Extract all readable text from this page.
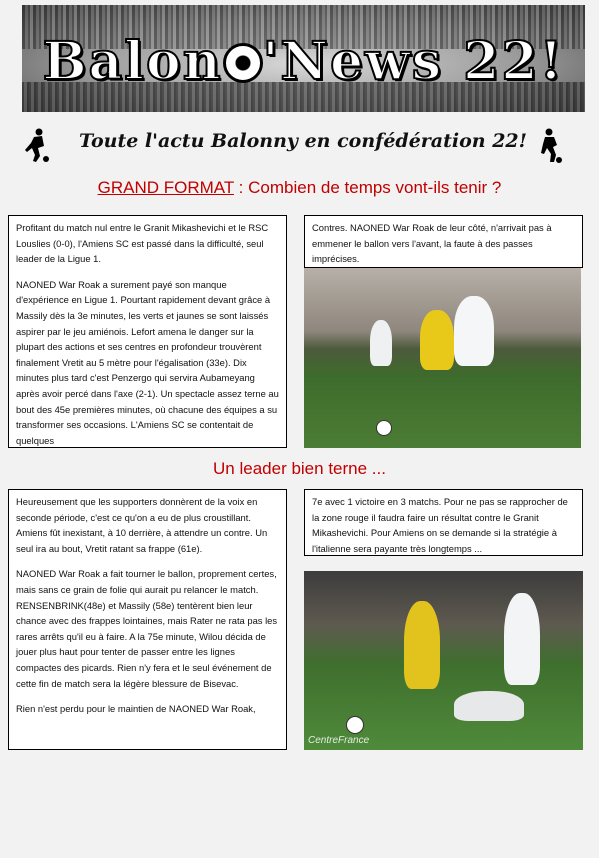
Balon 'News 22!
Toute l'actu Balonny en confédération 22!
GRAND FORMAT : Combien de temps vont-ils tenir ?

Profitant du match nul entre le Granit Mikashevichi et le RSC Louslies (0-0), l'Amiens SC est passé dans la difficulté, seul leader de la Ligue 1.

NAONED War Roak a surement payé son manque d'expérience en Ligue 1. Pourtant rapidement devant grâce à Massily dès la 3e minutes, les verts et jaunes se sont laissés aspirer par le jeu amiénois. Lefort amena le danger sur la plupart des actions et ses centres en profondeur trouvèrent finalement Vretit au 5 mètre pour l'égalisation (33e). Dix minutes plus tard c'est Penzergo qui servira Aubameyang après avoir percé dans l'axe (2-1). Un spectacle assez terne au bout des 45e premières minutes, où chacune des équipes a su transformer ses occasions. L'Amiens SC se contentait de quelques

Contres. NAONED War Roak de leur côté, n'arrivait pas à emmener le ballon vers l'avant, la faute à des passes imprécises.

Un leader bien terne ...

Heureusement que les supporters donnèrent de la voix en seconde période, c'est ce qu'on a eu de plus croustillant. Amiens fût inexistant, à 10 derrière, à attendre un contre. Un seul ira au bout, Vretit ratant sa frappe (61e).

NAONED War Roak a fait tourner le ballon, proprement certes, mais sans ce grain de folie qui aurait pu relancer le match. RENSENBRINK(48e) et Massily (58e) tentèrent bien leur chance avec des frappes lointaines, mais Rater ne rata pas les rares arrêts qu'il eu à faire. A la 75e minute, Wilou décida de jouer plus haut pour tenter de passer entre les lignes compactes des picards. Rien n'y fera et le seul événement de cette fin de match sera la légère blessure de Bisevac.

Rien n'est perdu pour le maintien de NAONED War Roak,

7e avec 1 victoire en 3 matchs. Pour ne pas se rapprocher de la zone rouge il faudra faire un résultat contre le Granit Mikashevichi. Pour Amiens on se demande si la stratégie à l'italienne sera payante très longtemps ...

CentreFrance
